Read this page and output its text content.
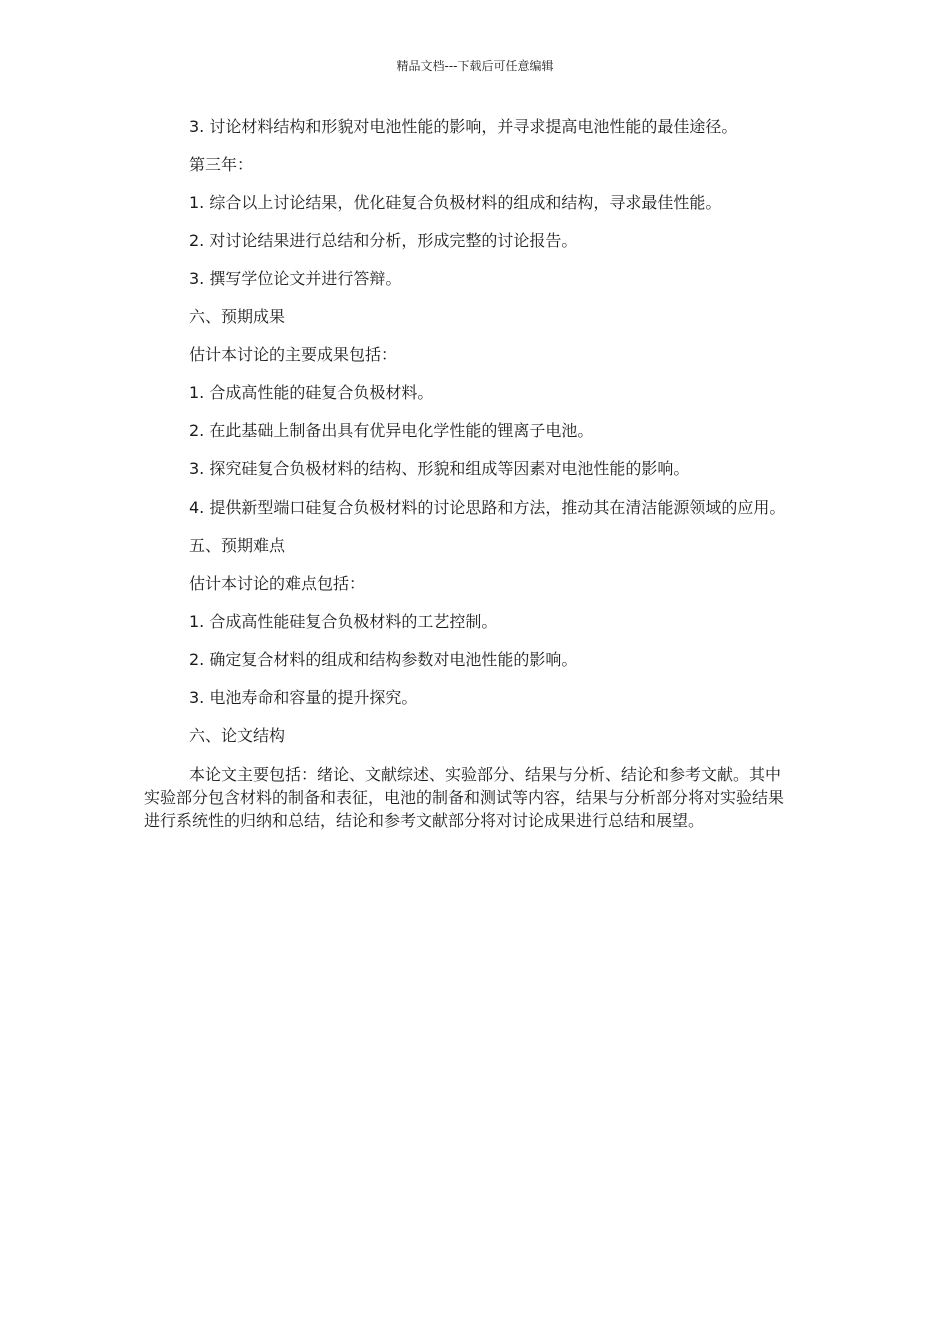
精品文档---下载后可任意编辑

3. 讨论材料结构和形貌对电池性能的影响，并寻求提高电池性能的最佳途径。

第三年：

1. 综合以上讨论结果，优化硅复合负极材料的组成和结构，寻求最佳性能。

2. 对讨论结果进行总结和分析，形成完整的讨论报告。

3. 撰写学位论文并进行答辩。

六、预期成果

估计本讨论的主要成果包括：

1. 合成高性能的硅复合负极材料。

2. 在此基础上制备出具有优异电化学性能的锂离子电池。

3. 探究硅复合负极材料的结构、形貌和组成等因素对电池性能的影响。

4. 提供新型端口硅复合负极材料的讨论思路和方法，推动其在清洁能源领域的应用。

五、预期难点

估计本讨论的难点包括：

1. 合成高性能硅复合负极材料的工艺控制。

2. 确定复合材料的组成和结构参数对电池性能的影响。

3. 电池寿命和容量的提升探究。

六、论文结构

本论文主要包括：绪论、文献综述、实验部分、结果与分析、结论和参考文献。其中实验部分包含材料的制备和表征，电池的制备和测试等内容，结果与分析部分将对实验结果进行系统性的归纳和总结，结论和参考文献部分将对讨论成果进行总结和展望。
